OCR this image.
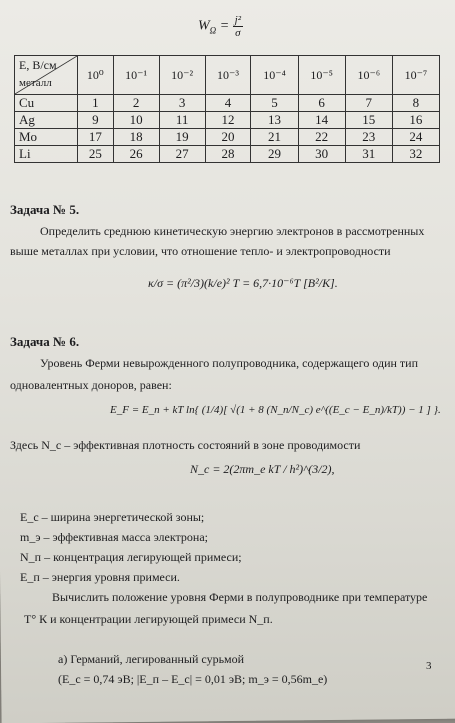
$W_\Omega = \frac{\text{j²}}{\sigma}$
E, В/см
металл	10⁰	10⁻¹	10⁻²	10⁻³	10⁻⁴	10⁻⁵	10⁻⁶	10⁻⁷
Cu	1	2	3	4	5	6	7	8
Ag	9	10	11	12	13	14	15	16
Mo	17	18	19	20	21	22	23	24
Li	25	26	27	28	29	30	31	32
Задача № 5.
Определить среднюю кинетическую энергию электронов в рассмотренных
выше металлах при условии, что отношение тепло- и электропроводности
κ/σ = (π²/3)(k/e)² T = 6,7·10⁻⁶T [В²/К].
Задача № 6.
Уровень Ферми невырожденного полупроводника, содержащего один тип
одновалентных доноров, равен:
E_F = E_п + kT ln{ (1/4)[ √(1 + 8 (N_п/N_c) e^((E_c − E_п)/kT)) − 1 ] }.
Здесь N_c – эффективная плотность состояний в зоне проводимости
N_c = 2(2πm_e kT / h²)^(3/2),
E_c – ширина энергетической зоны;
m_э – эффективная масса электрона;
N_п – концентрация легирующей примеси;
E_п – энергия уровня примеси.
Вычислить положение уровня Ферми в полупроводнике при температуре
T° К и концентрации легирующей примеси N_п.
а) Германий, легированный сурьмой
(E_c = 0,74 эВ; |E_п – E_c| = 0,01 эВ; m_э = 0,56m_e)
3
